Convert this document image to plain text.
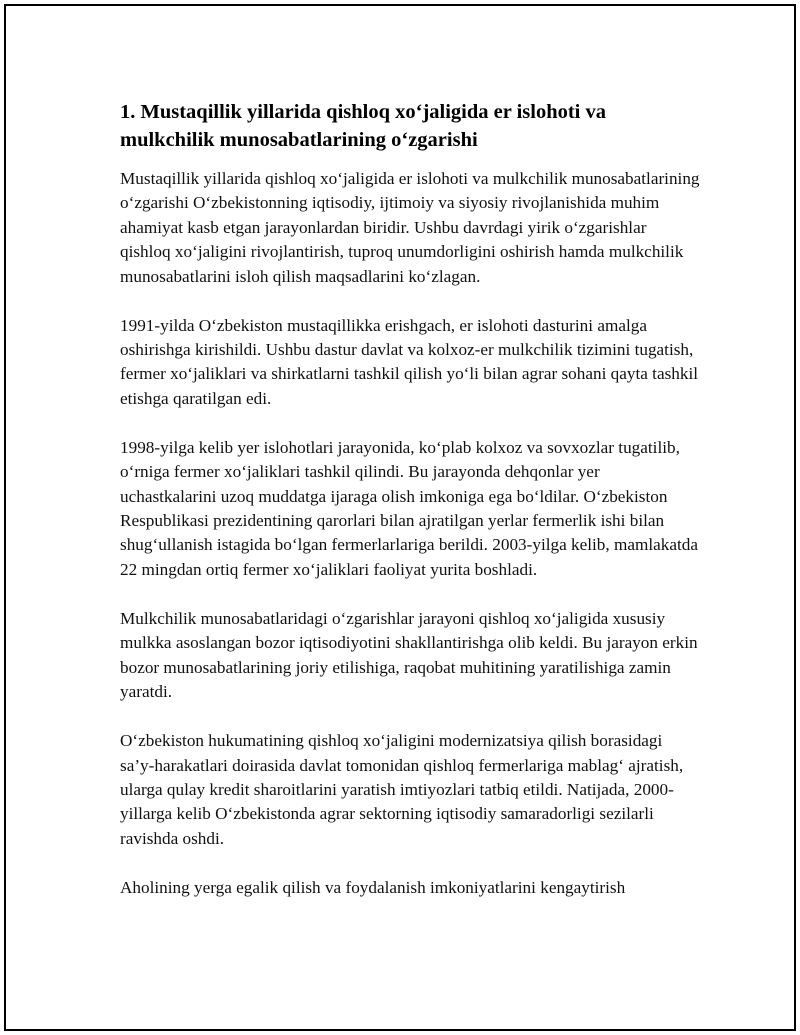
1. Mustaqillik yillarida qishloq xo‘jaligida er islohoti va mulkchilik munosabatlarining o‘zgarishi

Mustaqillik yillarida qishloq xo‘jaligida er islohoti va mulkchilik munosabatlarining o‘zgarishi O‘zbekistonning iqtisodiy, ijtimoiy va siyosiy rivojlanishida muhim ahamiyat kasb etgan jarayonlardan biridir. Ushbu davrdagi yirik o‘zgarishlar qishloq xo‘jaligini rivojlantirish, tuproq unumdorligini oshirish hamda mulkchilik munosabatlarini isloh qilish maqsadlarini ko‘zlagan.

1991-yilda O‘zbekiston mustaqillikka erishgach, er islohoti dasturini amalga oshirishga kirishildi. Ushbu dastur davlat va kolxoz-er mulkchilik tizimini tugatish, fermer xo‘jaliklari va shirkatlarni tashkil qilish yo‘li bilan agrar sohani qayta tashkil etishga qaratilgan edi.

1998-yilga kelib yer islohotlari jarayonida, ko‘plab kolxoz va sovxozlar tugatilib, o‘rniga fermer xo‘jaliklari tashkil qilindi. Bu jarayonda dehqonlar yer uchastkalarini uzoq muddatga ijaraga olish imkoniga ega bo‘ldilar. O‘zbekiston Respublikasi prezidentining qarorlari bilan ajratilgan yerlar fermerlik ishi bilan shug‘ullanish istagida bo‘lgan fermerlarlariga berildi. 2003-yilga kelib, mamlakatda 22 mingdan ortiq fermer xo‘jaliklari faoliyat yurita boshladi.

Mulkchilik munosabatlaridagi o‘zgarishlar jarayoni qishloq xo‘jaligida xususiy mulkka asoslangan bozor iqtisodiyotini shakllantirishga olib keldi. Bu jarayon erkin bozor munosabatlarining joriy etilishiga, raqobat muhitining yaratilishiga zamin yaratdi.

O‘zbekiston hukumatining qishloq xo‘jaligini modernizatsiya qilish borasidagi sa’y-harakatlari doirasida davlat tomonidan qishloq fermerlariga mablag‘ ajratish, ularga qulay kredit sharoitlarini yaratish imtiyozlari tatbiq etildi. Natijada, 2000-yillarga kelib O‘zbekistonda agrar sektorning iqtisodiy samaradorligi sezilarli ravishda oshdi.

Aholining yerga egalik qilish va foydalanish imkoniyatlarini kengaytirish
